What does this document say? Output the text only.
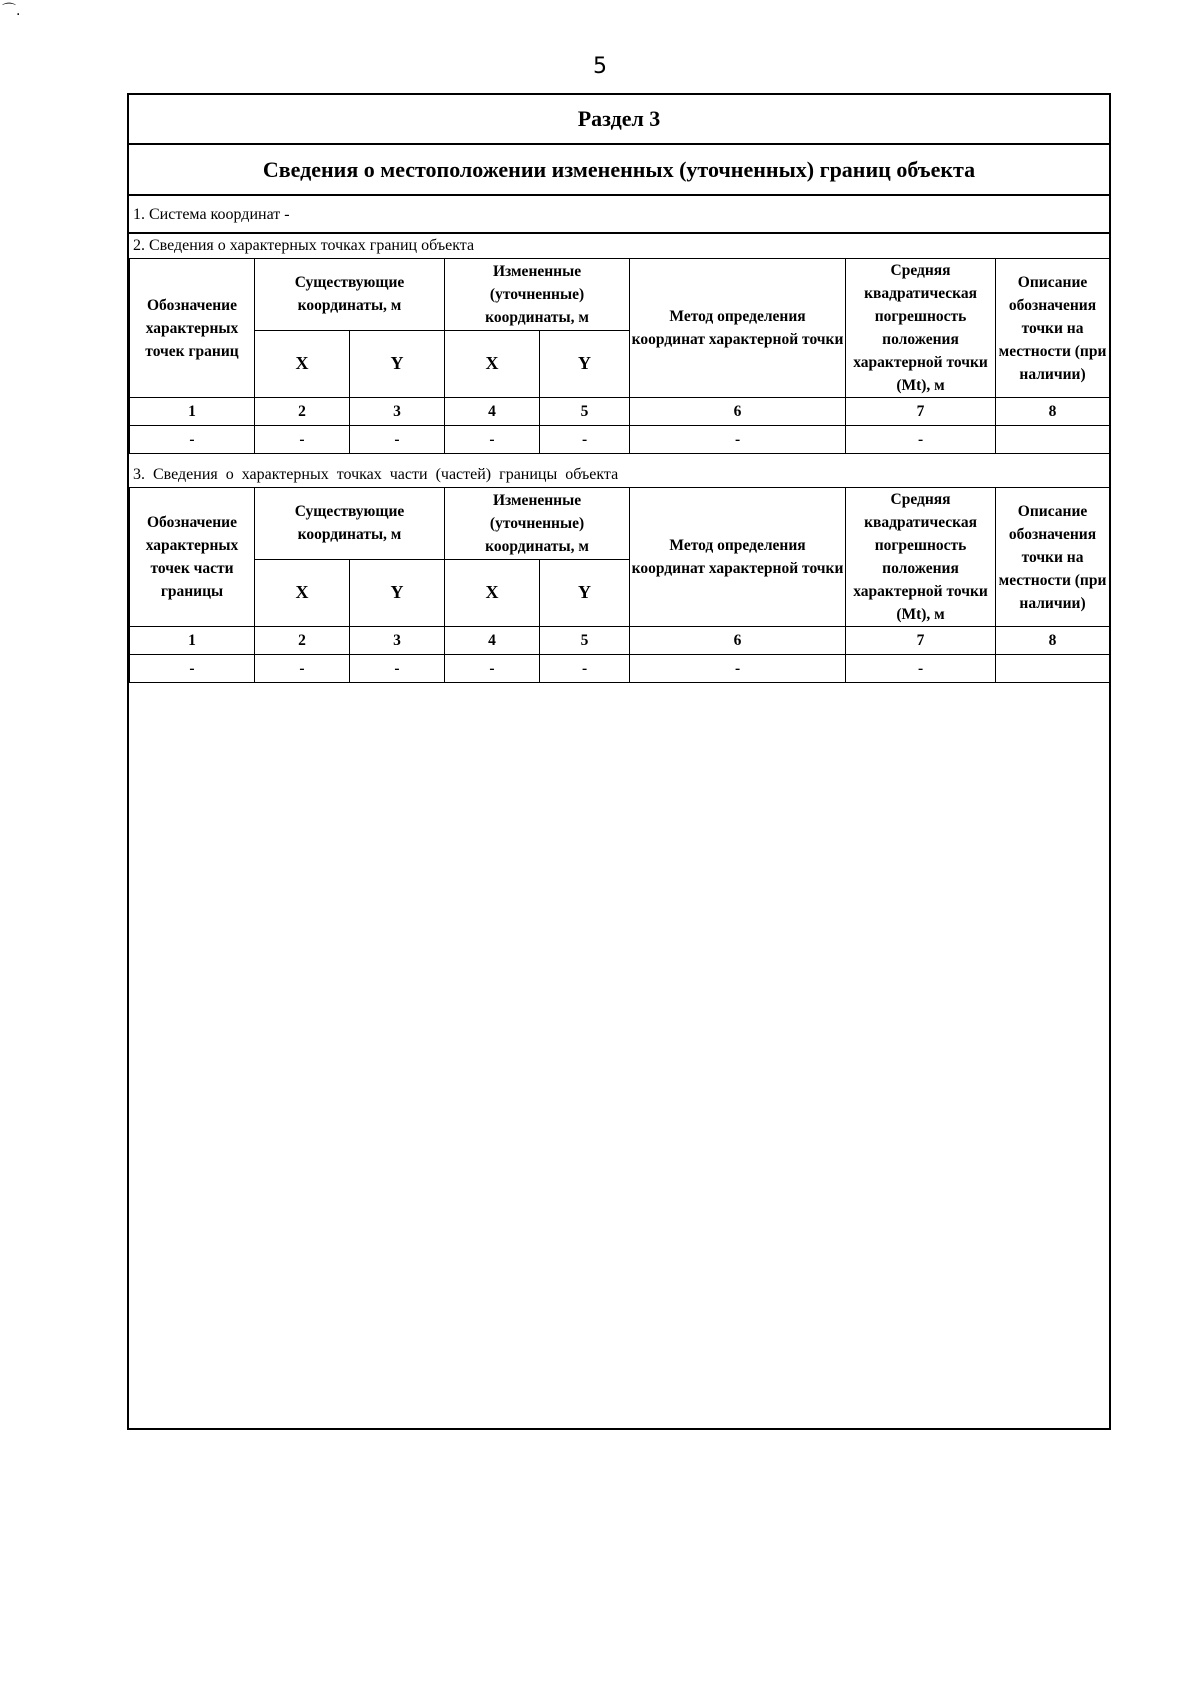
⌒.
5
Раздел 3
Сведения о местоположении измененных (уточненных) границ объекта
1. Система координат -
2. Сведения о характерных точках границ объекта
Обозначение характерных точек границ	Существующие координаты, м		Измененные (уточненные) координаты, м		Метод определения координат характерной точки	Средняя квадратическая погрешность положения характерной точки (Mt), м	Описание обозначения точки на местности (при наличии)
	X	Y	X	Y			
1	2	3	4	5	6	7	8
-	-	-	-	-	-	-	
3. Сведения о характерных точках части (частей) границы объекта
Обозначение характерных точек части границы	Существующие координаты, м		Измененные (уточненные) координаты, м		Метод определения координат характерной точки	Средняя квадратическая погрешность положения характерной точки (Mt), м	Описание обозначения точки на местности (при наличии)
	X	Y	X	Y			
1	2	3	4	5	6	7	8
-	-	-	-	-	-	-	
